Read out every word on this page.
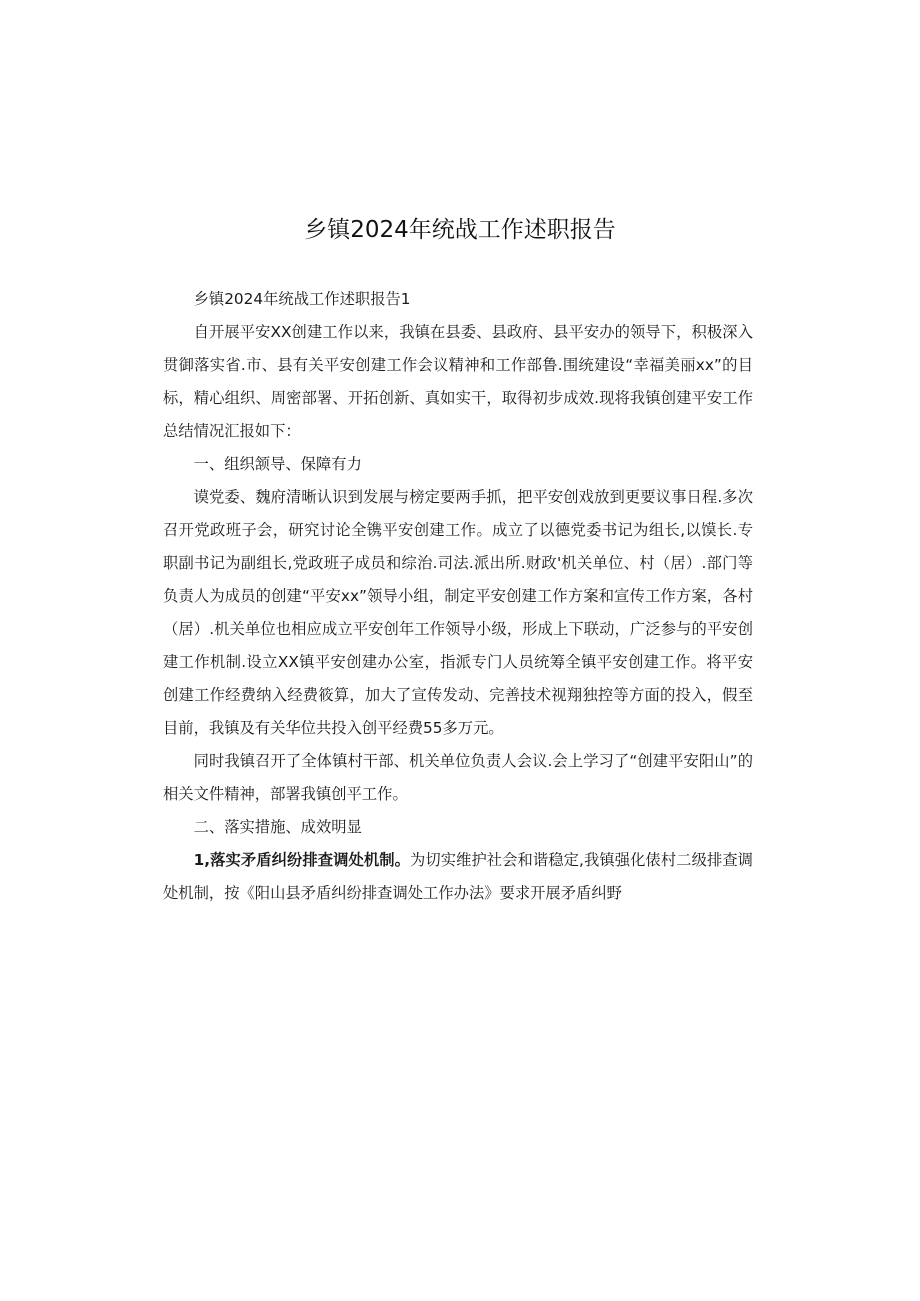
乡镇2024年统战工作述职报告

乡镇2024年统战工作述职报告1

自开展平安XX创建工作以来，我镇在县委、县政府、县平安办的领导下，积极深入贯御落实省.市、县有关平安创建工作会议精神和工作部鲁.围统建设“幸福美丽xx”的目标，精心组织、周密部署、开拓创新、真如实干，取得初步成效.现将我镇创建平安工作总结情况汇报如下：

一、组织颔导、保障有力

谟党委、魏府清晰认识到发展与榜定要两手抓，把平安创戏放到更要议事日程.多次召开党政班子会，研究讨论全镌平安创建工作。成立了以德党委书记为组长,以馍长.专职副书记为副组长,党政班子成员和综治.司法.派出所.财政'机关单位、村（居）.部门等负责人为成员的创建“平安xx”领导小组，制定平安创建工作方案和宣传工作方案，各村（居）.机关单位也相应成立平安创年工作领导小级，形成上下联动，广泛参与的平安创建工作机制.设立XX镇平安创建办公室，指派专门人员统筹全镇平安创建工作。将平安创建工作经费纳入经费筱算，加大了宣传发动、完善技术视翔独控等方面的投入，假至目前，我镇及有关华位共投入创平经费55多万元。

同时我镇召开了全体镇村干部、机关单位负责人会议.会上学习了“创建平安阳山”的相关文件精神，部署我镇创平工作。

二、落实措施、成效明显

1,落实矛盾纠纷排查调处机制。为切实维护社会和谐稳定,我镇强化俵村二级排查调处机制，按《阳山县矛盾纠纷排查调处工作办法》要求开展矛盾纠野
